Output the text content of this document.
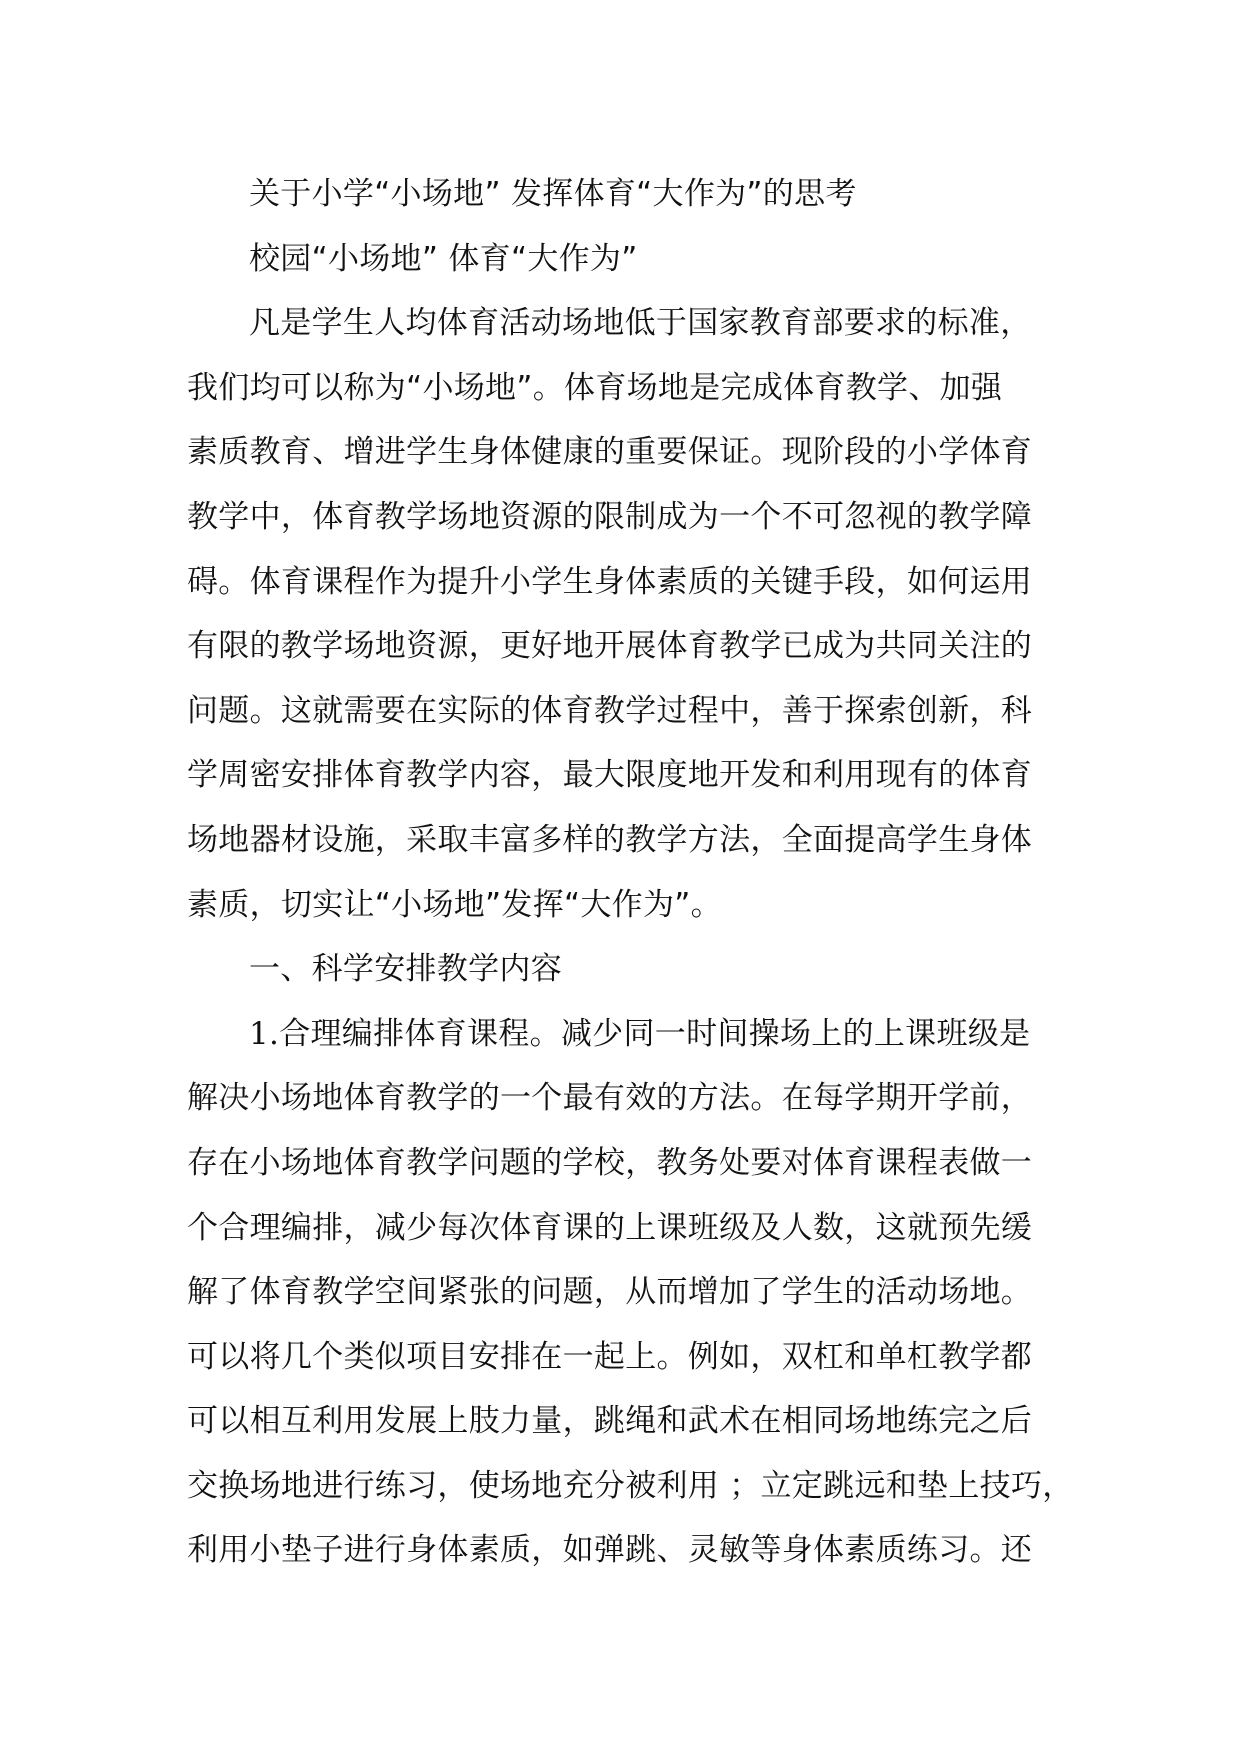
关于小学“小场地” 发挥体育“大作为”的思考
校园“小场地” 体育“大作为”
凡是学生人均体育活动场地低于国家教育部要求的标准，
我们均可以称为“小场地”。体育场地是完成体育教学、加强
素质教育、增进学生身体健康的重要保证。现阶段的小学体育
教学中，体育教学场地资源的限制成为一个不可忽视的教学障
碍。体育课程作为提升小学生身体素质的关键手段，如何运用
有限的教学场地资源，更好地开展体育教学已成为共同关注的
问题。这就需要在实际的体育教学过程中，善于探索创新，科
学周密安排体育教学内容，最大限度地开发和利用现有的体育
场地器材设施，采取丰富多样的教学方法，全面提高学生身体
素质，切实让“小场地”发挥“大作为”。
一、科学安排教学内容
1.合理编排体育课程。减少同一时间操场上的上课班级是
解决小场地体育教学的一个最有效的方法。在每学期开学前，
存在小场地体育教学问题的学校，教务处要对体育课程表做一
个合理编排，减少每次体育课的上课班级及人数，这就预先缓
解了体育教学空间紧张的问题，从而增加了学生的活动场地。
可以将几个类似项目安排在一起上。例如，双杠和单杠教学都
可以相互利用发展上肢力量，跳绳和武术在相同场地练完之后
交换场地进行练习，使场地充分被利用 ；立定跳远和垫上技巧，
利用小垫子进行身体素质，如弹跳、灵敏等身体素质练习。还
